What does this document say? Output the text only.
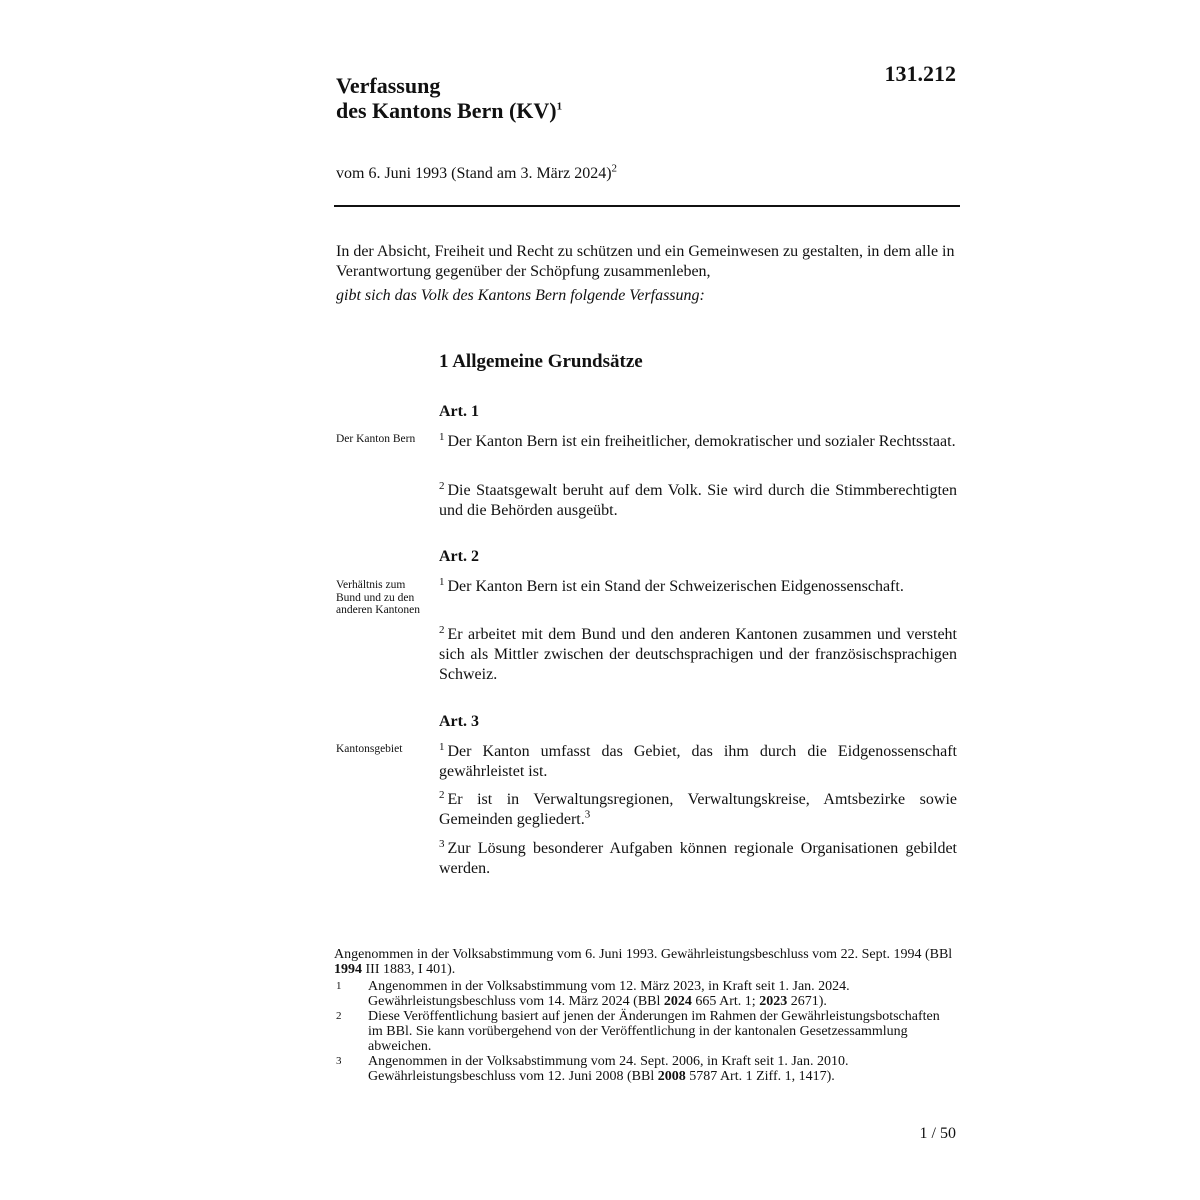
Verfassung
des Kantons Bern (KV)$^1$
131.212
vom 6. Juni 1993 (Stand am 3. März 2024)$^2$
In der Absicht, Freiheit und Recht zu schützen und ein Gemeinwesen zu gestalten, in dem alle in Verantwortung gegenüber der Schöpfung zusammenleben,
gibt sich das Volk des Kantons Bern folgende Verfassung:
1 Allgemeine Grundsätze
Art. 1
Der Kanton Bern	$^1$ Der Kanton Bern ist ein freiheitlicher, demokratischer und sozialer Rechtsstaat.

$^2$ Die Staatsgewalt beruht auf dem Volk. Sie wird durch die Stimmberechtigten und die Behörden ausgeübt.

Art. 2
Verhältnis zum Bund und zu den anderen Kantonen

$^1$ Der Kanton Bern ist ein Stand der Schweizerischen Eidgenossenschaft.

$^2$ Er arbeitet mit dem Bund und den anderen Kantonen zusammen und versteht sich als Mittler zwischen der deutschsprachigen und der französischsprachigen Schweiz.

Art. 3
Kantonsgebiet	$^1$ Der Kanton umfasst das Gebiet, das ihm durch die Eidgenossenschaft gewährleistet ist.

$^2$ Er ist in Verwaltungsregionen, Verwaltungskreise, Amtsbezirke sowie Gemeinden gegliedert.$^3$

$^3$ Zur Lösung besonderer Aufgaben können regionale Organisationen gebildet werden.

Angenommen in der Volksabstimmung vom 6. Juni 1993. Gewährleistungsbeschluss vom 22. Sept. 1994 (BBl 1994 III 1883, I 401).

1	Angenommen in der Volksabstimmung vom 12. März 2023, in Kraft seit 1. Jan. 2024. Gewährleistungsbeschluss vom 14. März 2024 (BBl 2024 665 Art. 1; 2023 2671).

2	Diese Veröffentlichung basiert auf jenen der Änderungen im Rahmen der Gewährleistungsbotschaften im BBl. Sie kann vorübergehend von der Veröffentlichung in der kantonalen Gesetzessammlung abweichen.

3	Angenommen in der Volksabstimmung vom 24. Sept. 2006, in Kraft seit 1. Jan. 2010. Gewährleistungsbeschluss vom 12. Juni 2008 (BBl 2008 5787 Art. 1 Ziff. 1, 1417).

1 / 50
